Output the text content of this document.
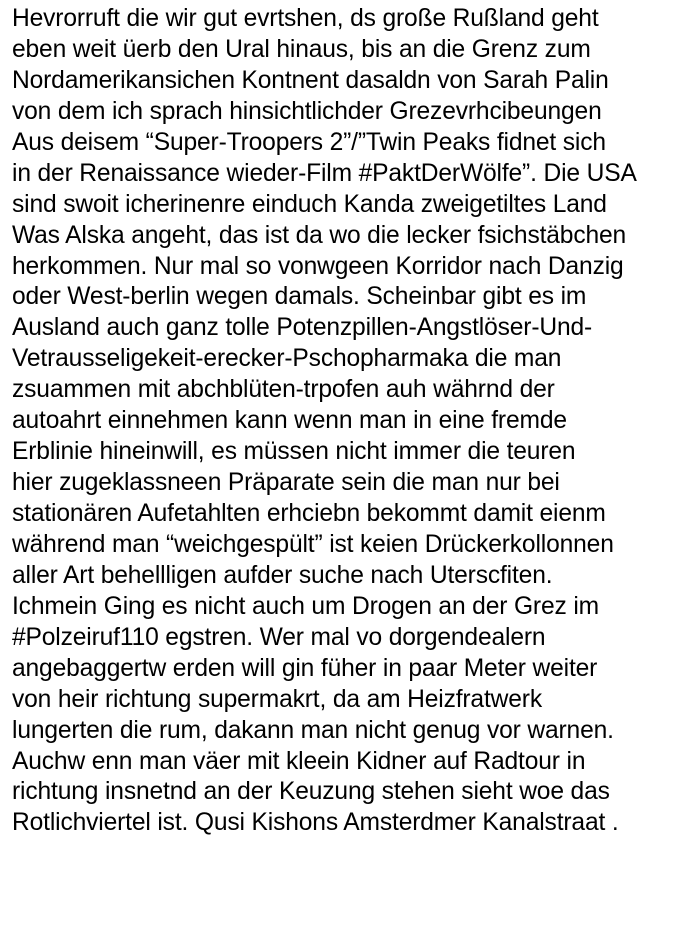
Hevrorruft die wir gut evrtshen, ds große Rußland geht
eben weit üerb den Ural hinaus, bis an die Grenz zum
Nordamerikansichen Kontnent dasaldn von Sarah Palin
von dem ich sprach hinsichtlichder Grezevrhcibeungen
Aus deisem “Super-Troopers 2”/”Twin Peaks fidnet sich
in der Renaissance wieder-Film #PaktDerWölfe”. Die USA
sind swoit icherinenre einduch Kanda zweigetiltes Land
Was Alska angeht, das ist da wo die lecker fsichstäbchen
herkommen. Nur mal so vonwgeen Korridor nach Danzig
oder West-berlin wegen damals. Scheinbar gibt es im
Ausland auch ganz tolle Potenzpillen-Angstlöser-Und-
Vetrausseligekeit-erecker-Pschopharmaka die man
zsuammen mit abchblüten-trpofen auh währnd der
autoahrt einnehmen kann wenn man in eine fremde
Erblinie hineinwill, es müssen nicht immer die teuren
hier zugeklassneen Präparate sein die man nur bei
stationären Aufetahlten erhciebn bekommt damit eienm
während man “weichgespült” ist keien Drückerkollonnen
aller Art behellligen aufder suche nach Uterscfiten.
Ichmein Ging es nicht auch um Drogen an der Grez im
#Polzeiruf110 egstren. Wer mal vo dorgendealern
angebaggertw erden will gin füher in paar Meter weiter
von heir richtung supermakrt, da am Heizfratwerk
lungerten die rum, dakann man nicht genug vor warnen.
Auchw enn man väer mit kleein Kidner auf Radtour in
richtung insnetnd an der Keuzung stehen sieht woe das
Rotlichviertel ist. Qusi Kishons Amsterdmer Kanalstraat .
